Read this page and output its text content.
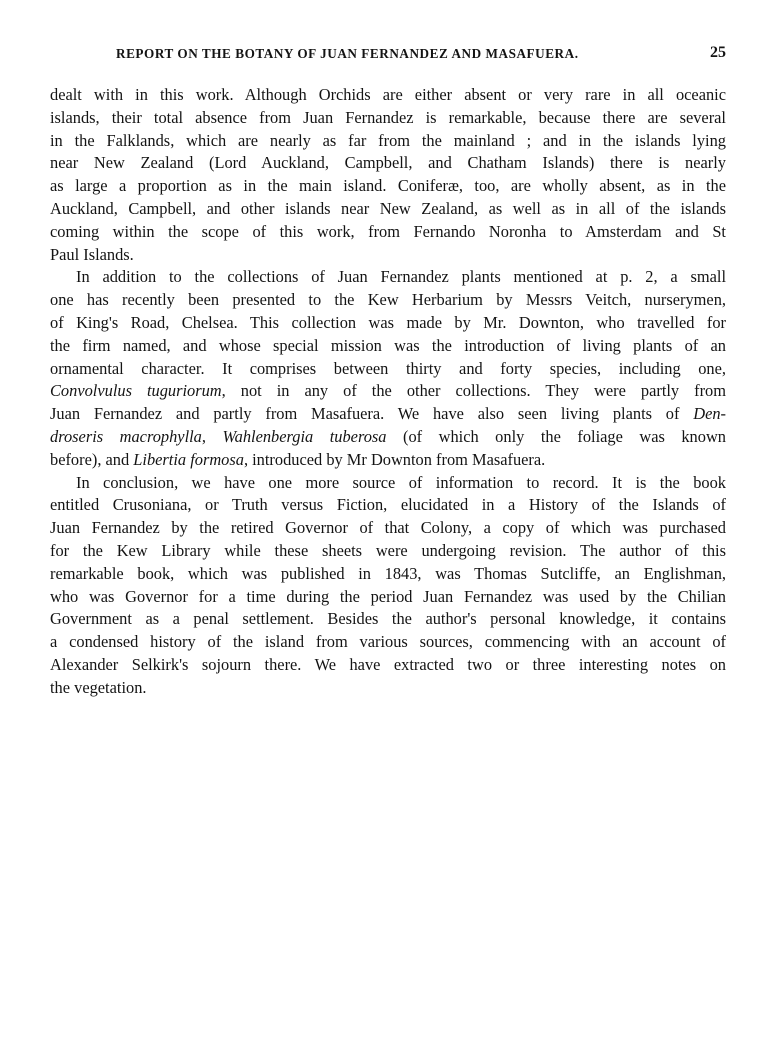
REPORT ON THE BOTANY OF JUAN FERNANDEZ AND MASAFUERA.	25
dealt with in this work. Although Orchids are either absent or very rare in all oceanic
islands, their total absence from Juan Fernandez is remarkable, because there are several
in the Falklands, which are nearly as far from the mainland ; and in the islands lying
near New Zealand (Lord Auckland, Campbell, and Chatham Islands) there is nearly
as large a proportion as in the main island. Coniferæ, too, are wholly absent, as in the
Auckland, Campbell, and other islands near New Zealand, as well as in all of the islands
coming within the scope of this work, from Fernando Noronha to Amsterdam and St
Paul Islands.
In addition to the collections of Juan Fernandez plants mentioned at p. 2, a small
one has recently been presented to the Kew Herbarium by Messrs Veitch, nurserymen,
of King's Road, Chelsea. This collection was made by Mr. Downton, who travelled for
the firm named, and whose special mission was the introduction of living plants of an
ornamental character. It comprises between thirty and forty species, including one,
Convolvulus tuguriorum, not in any of the other collections. They were partly from
Juan Fernandez and partly from Masafuera. We have also seen living plants of Den-
droseris macrophylla, Wahlenbergia tuberosa (of which only the foliage was known
before), and Libertia formosa, introduced by Mr Downton from Masafuera.
In conclusion, we have one more source of information to record. It is the book
entitled Crusoniana, or Truth versus Fiction, elucidated in a History of the Islands of
Juan Fernandez by the retired Governor of that Colony, a copy of which was purchased
for the Kew Library while these sheets were undergoing revision. The author of this
remarkable book, which was published in 1843, was Thomas Sutcliffe, an Englishman,
who was Governor for a time during the period Juan Fernandez was used by the Chilian
Government as a penal settlement. Besides the author's personal knowledge, it contains
a condensed history of the island from various sources, commencing with an account of
Alexander Selkirk's sojourn there. We have extracted two or three interesting notes on
the vegetation.
